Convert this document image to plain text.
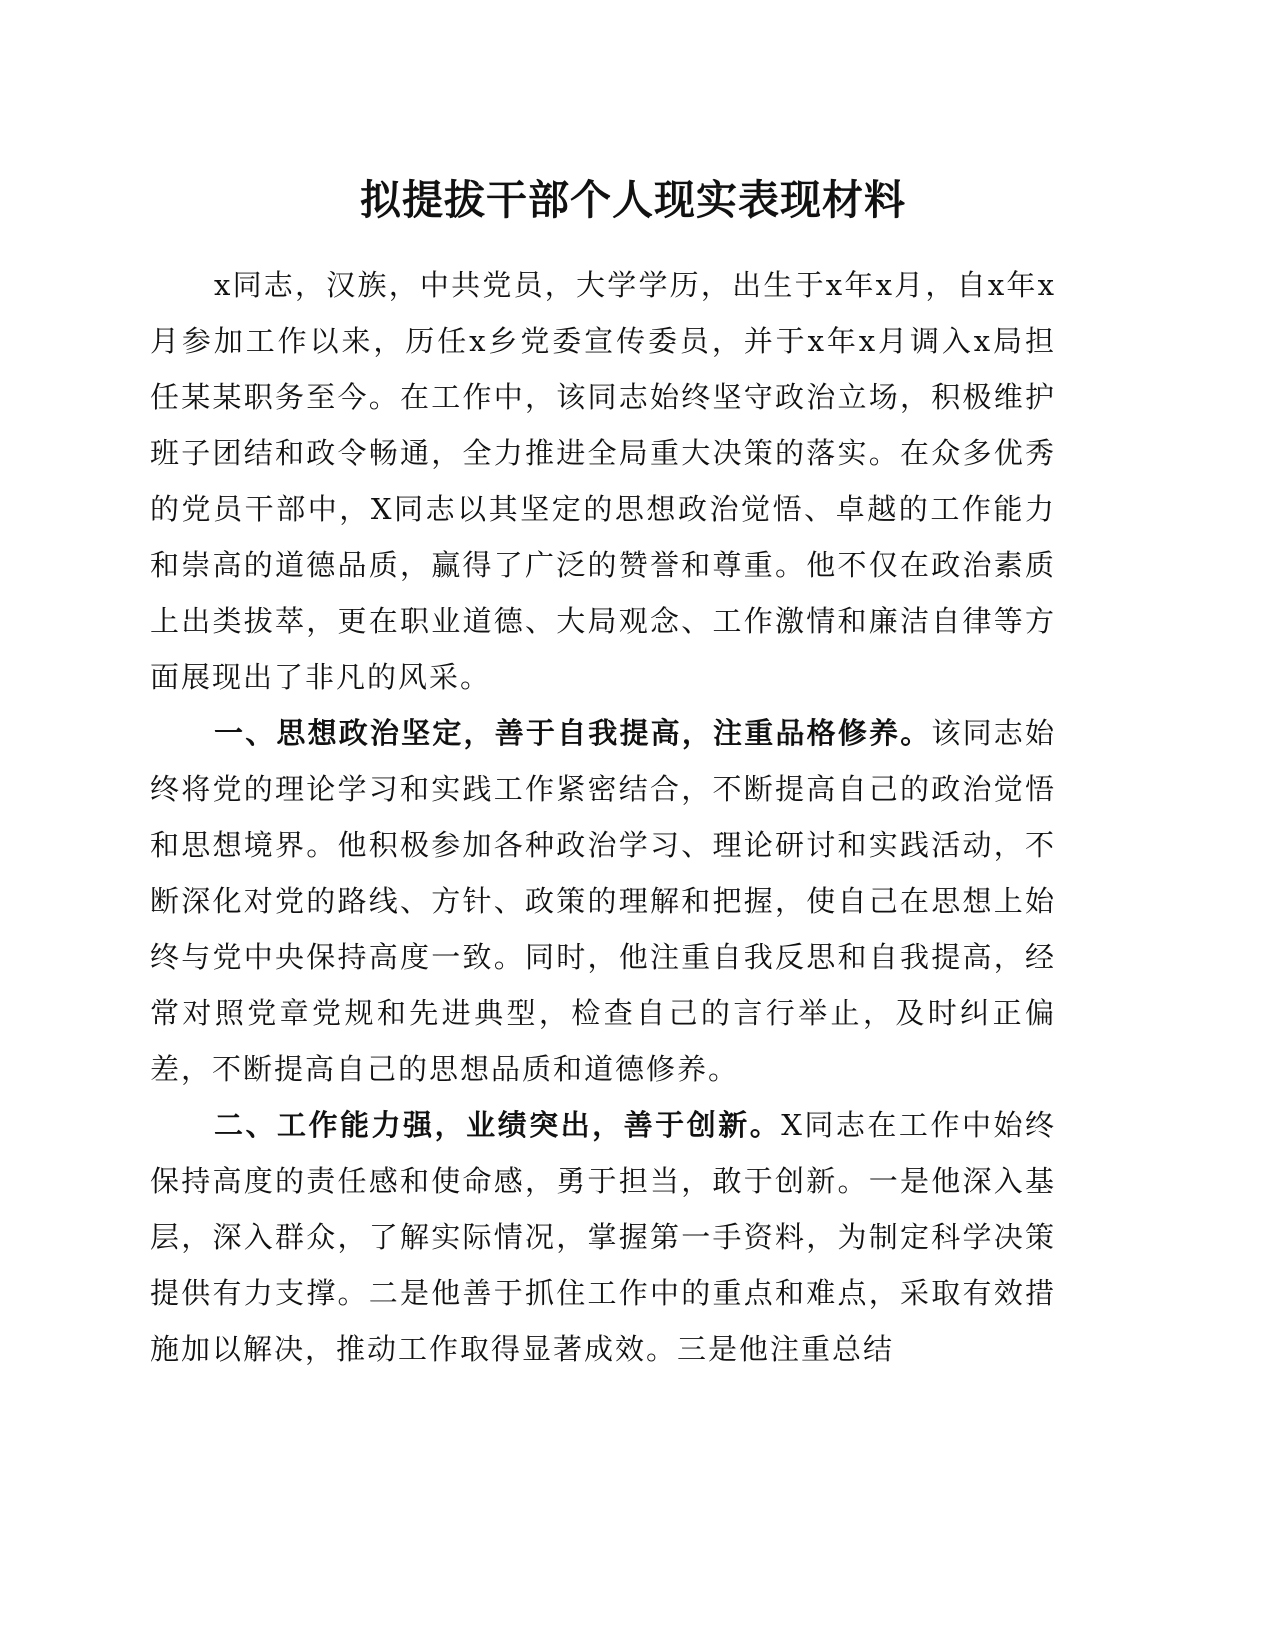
拟提拔干部个人现实表现材料

x同志，汉族，中共党员，大学学历，出生于x年x月，自x年x月参加工作以来，历任x乡党委宣传委员，并于x年x月调入x局担任某某职务至今。在工作中，该同志始终坚守政治立场，积极维护班子团结和政令畅通，全力推进全局重大决策的落实。在众多优秀的党员干部中，X同志以其坚定的思想政治觉悟、卓越的工作能力和崇高的道德品质，赢得了广泛的赞誉和尊重。他不仅在政治素质上出类拔萃，更在职业道德、大局观念、工作激情和廉洁自律等方面展现出了非凡的风采。

一、思想政治坚定，善于自我提高，注重品格修养。该同志始终将党的理论学习和实践工作紧密结合，不断提高自己的政治觉悟和思想境界。他积极参加各种政治学习、理论研讨和实践活动，不断深化对党的路线、方针、政策的理解和把握，使自己在思想上始终与党中央保持高度一致。同时，他注重自我反思和自我提高，经常对照党章党规和先进典型，检查自己的言行举止，及时纠正偏差，不断提高自己的思想品质和道德修养。

二、工作能力强，业绩突出，善于创新。X同志在工作中始终保持高度的责任感和使命感，勇于担当，敢于创新。一是他深入基层，深入群众，了解实际情况，掌握第一手资料，为制定科学决策提供有力支撑。二是他善于抓住工作中的重点和难点，采取有效措施加以解决，推动工作取得显著成效。三是他注重总结
